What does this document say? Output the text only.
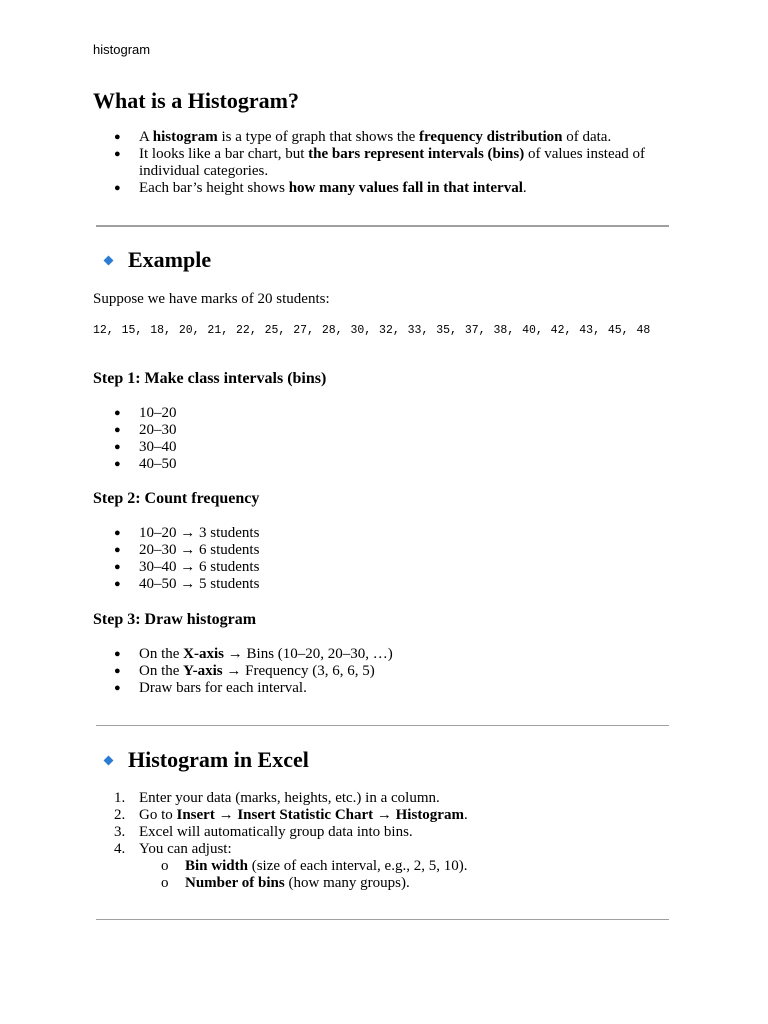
histogram
What is a Histogram?
● A histogram is a type of graph that shows the frequency distribution of data.
● It looks like a bar chart, but the bars represent intervals (bins) of values instead of individual categories.
● Each bar’s height shows how many values fall in that interval.
Example

Suppose we have marks of 20 students:

12, 15, 18, 20, 21, 22, 25, 27, 28, 30, 32, 33, 35, 37, 38, 40, 42, 43, 45, 48

Step 1: Make class intervals (bins)
● 10–20
● 20–30
● 30–40
● 40–50
Step 2: Count frequency
● 10–20 → 3 students
● 20–30 → 6 students
● 30–40 → 6 students
● 40–50 → 5 students
Step 3: Draw histogram
● On the X-axis → Bins (10–20, 20–30, …)
● On the Y-axis → Frequency (3, 6, 6, 5)
● Draw bars for each interval.
Histogram in Excel
1. Enter your data (marks, heights, etc.) in a column.
2. Go to Insert → Insert Statistic Chart → Histogram.
3. Excel will automatically group data into bins.
4. You can adjust:
o Bin width (size of each interval, e.g., 2, 5, 10).
o Number of bins (how many groups).
